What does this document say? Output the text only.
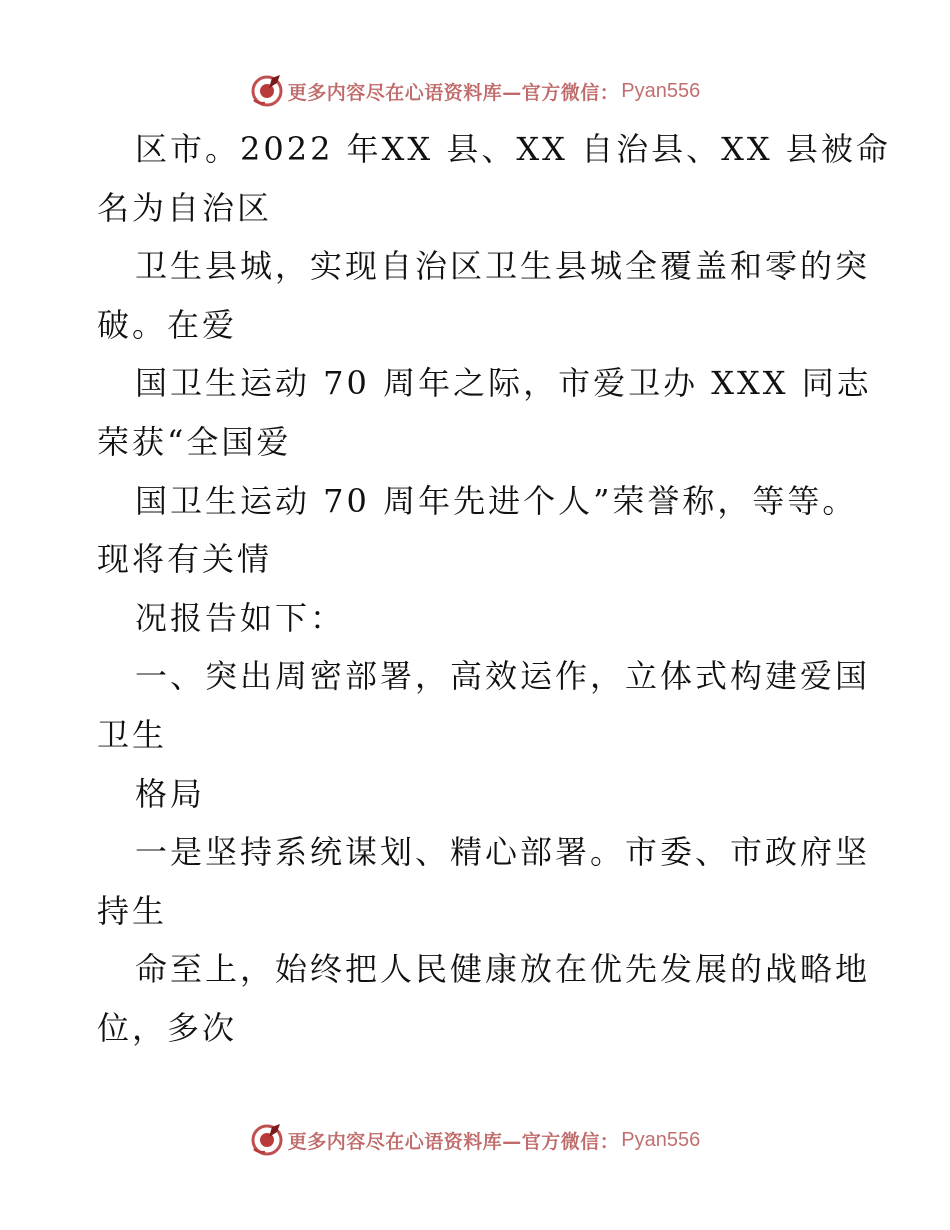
更多内容尽在心语资料库—官方微信： Pyan556
区市。2022 年XX 县、XX 自治县、XX 县被命
名为自治区
卫生县城，实现自治区卫生县城全覆盖和零的突
破。在爱
国卫生运动 70 周年之际，市爱卫办 XXX 同志
荣获“全国爱
国卫生运动 70 周年先进个人”荣誉称，等等。
现将有关情
况报告如下：
一、突出周密部署，高效运作，立体式构建爱国
卫生
格局
一是坚持系统谋划、精心部署。市委、市政府坚
持生
命至上，始终把人民健康放在优先发展的战略地
位，多次
更多内容尽在心语资料库—官方微信： Pyan556
